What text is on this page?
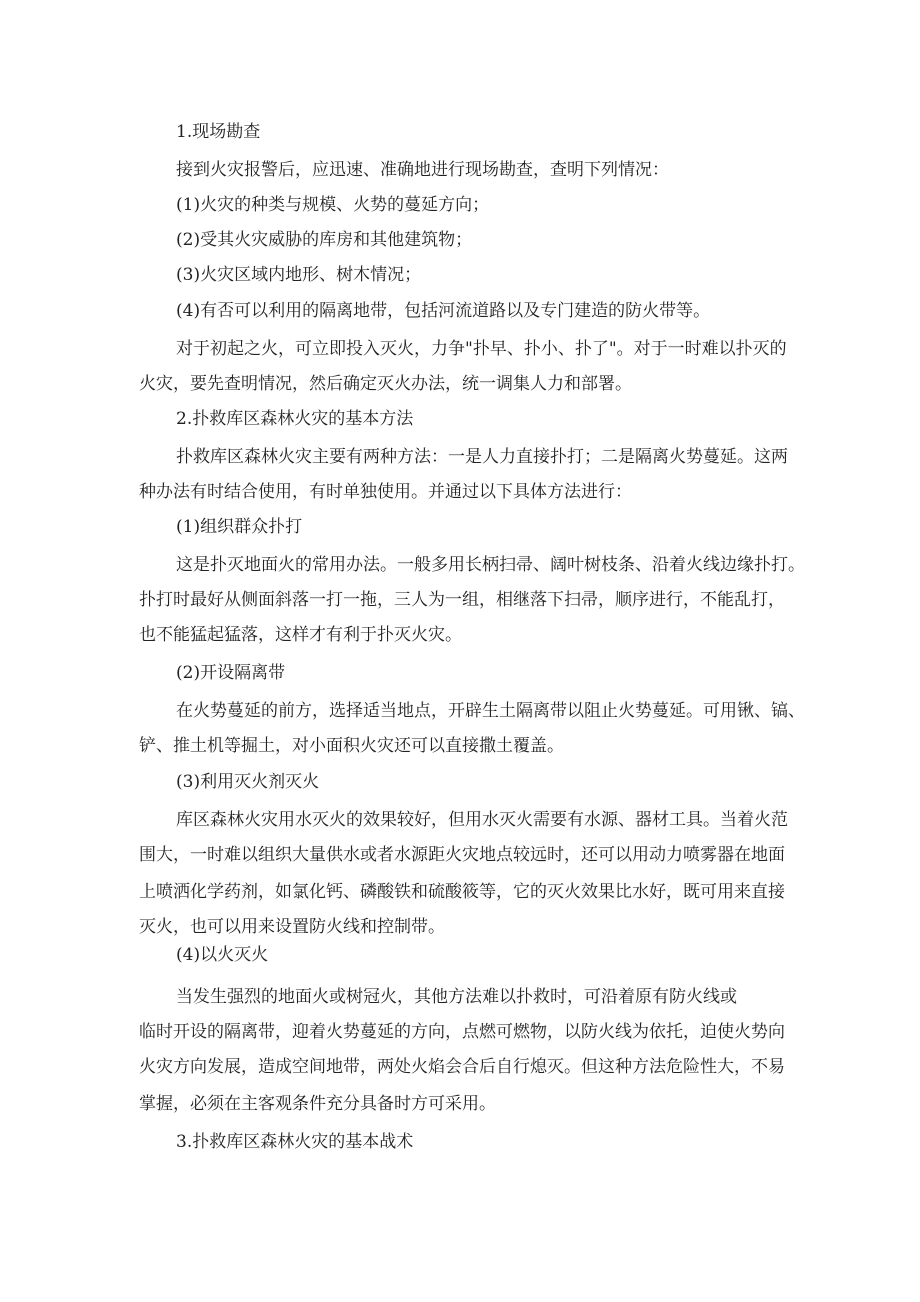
1.现场勘查
接到火灾报警后，应迅速、准确地进行现场勘查，查明下列情况：
(1)火灾的种类与规模、火势的蔓延方向；
(2)受其火灾威胁的库房和其他建筑物；
(3)火灾区域内地形、树木情况；
(4)有否可以利用的隔离地带，包括河流道路以及专门建造的防火带等。
对于初起之火，可立即投入灭火，力争"扑早、扑小、扑了"。对于一时难以扑灭的
火灾，要先查明情况，然后确定灭火办法，统一调集人力和部署。
2.扑救库区森林火灾的基本方法
扑救库区森林火灾主要有两种方法：一是人力直接扑打；二是隔离火势蔓延。这两
种办法有时结合使用，有时单独使用。并通过以下具体方法进行：
(1)组织群众扑打
这是扑灭地面火的常用办法。一般多用长柄扫帚、阔叶树枝条、沿着火线边缘扑打。
扑打时最好从侧面斜落一打一拖，三人为一组，相继落下扫帚，顺序进行，不能乱打，
也不能猛起猛落，这样才有利于扑灭火灾。
(2)开设隔离带
在火势蔓延的前方，选择适当地点，开辟生土隔离带以阻止火势蔓延。可用锹、镐、
铲、推土机等掘土，对小面积火灾还可以直接撒土覆盖。
(3)利用灭火剂灭火
库区森林火灾用水灭火的效果较好，但用水灭火需要有水源、器材工具。当着火范
围大，一时难以组织大量供水或者水源距火灾地点较远时，还可以用动力喷雾器在地面
上喷洒化学药剂，如氯化钙、磷酸铁和硫酸筱等，它的灭火效果比水好，既可用来直接
灭火，也可以用来设置防火线和控制带。
(4)以火灭火
当发生强烈的地面火或树冠火，其他方法难以扑救时，可沿着原有防火线或
临时开设的隔离带，迎着火势蔓延的方向，点燃可燃物，以防火线为依托，迫使火势向
火灾方向发展，造成空间地带，两处火焰会合后自行熄灭。但这种方法危险性大，不易
掌握，必须在主客观条件充分具备时方可采用。
3.扑救库区森林火灾的基本战术
